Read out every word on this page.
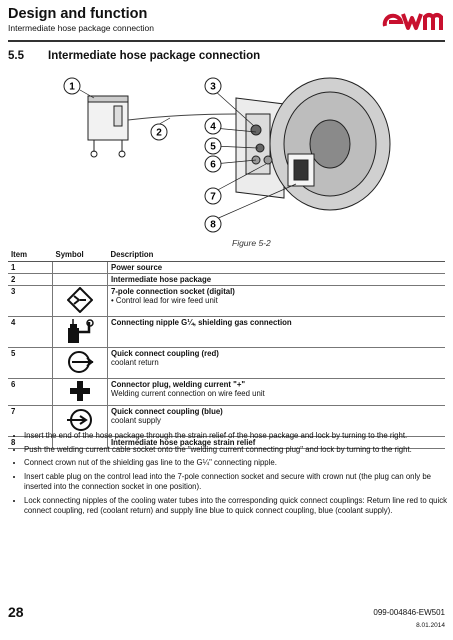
Design and function
Intermediate hose package connection
5.5 Intermediate hose package connection
1
2
3
4
5
6
7
8
Figure 5-2
Item	Symbol	Description
1		Power source

2		Intermediate hose package

3		7-pole connection socket (digital)
• Control lead for wire feed unit

4		Connecting nipple G¼, shielding gas connection

5		Quick connect coupling (red)
coolant return

6		Connector plug, welding current "+"
Welding current connection on wire feed unit

7		Quick connect coupling (blue)
coolant supply

8		Intermediate hose package strain relief
• Insert the end of the hose package through the strain relief of the hose package and lock by turning to the right.
• Push the welding current cable socket onto the "welding current connecting plug" and lock by turning to the right.
• Connect crown nut of the shielding gas line to the G¼" connecting nipple.
• Insert cable plug on the control lead into the 7-pole connection socket and secure with crown nut (the plug can only be inserted into the connection socket in one position).
• Lock connecting nipples of the cooling water tubes into the corresponding quick connect couplings: Return line red to quick connect coupling, red (coolant return) and supply line blue to quick connect coupling, blue (coolant supply).
28	099-004846-EW501
8.01.2014
